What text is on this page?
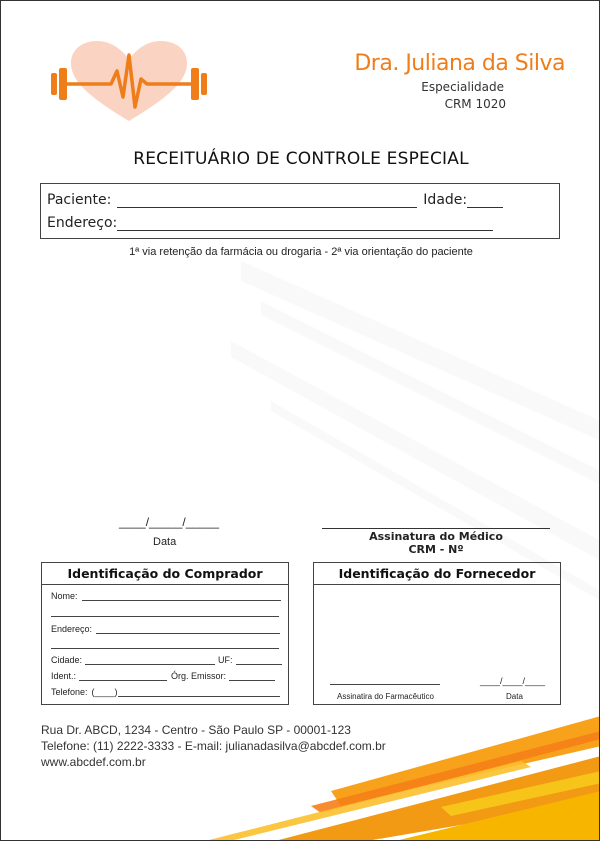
Dra. Juliana da Silva
Especialidade
CRM 1020
RECEITUÁRIO DE CONTROLE ESPECIAL
Paciente:	Idade:
Endereço:
1ª via retenção da farmácia ou drogaria - 2ª via orientação do paciente
____/_____/_____
Data	Assinatura do Médico
CRM - Nº
Identificação do Comprador
Nome:
Endereço:
Cidade:	UF:
Ident.:	Órg. Emissor:
Telefone: (____)
Identificação do Fornecedor
Assinatira do Farmacêutico
____/____/____
Data
Rua Dr. ABCD, 1234 - Centro - São Paulo SP - 00001-123
Telefone: (11) 2222-3333 - E-mail: julianadasilva@abcdef.com.br
www.abcdef.com.br
